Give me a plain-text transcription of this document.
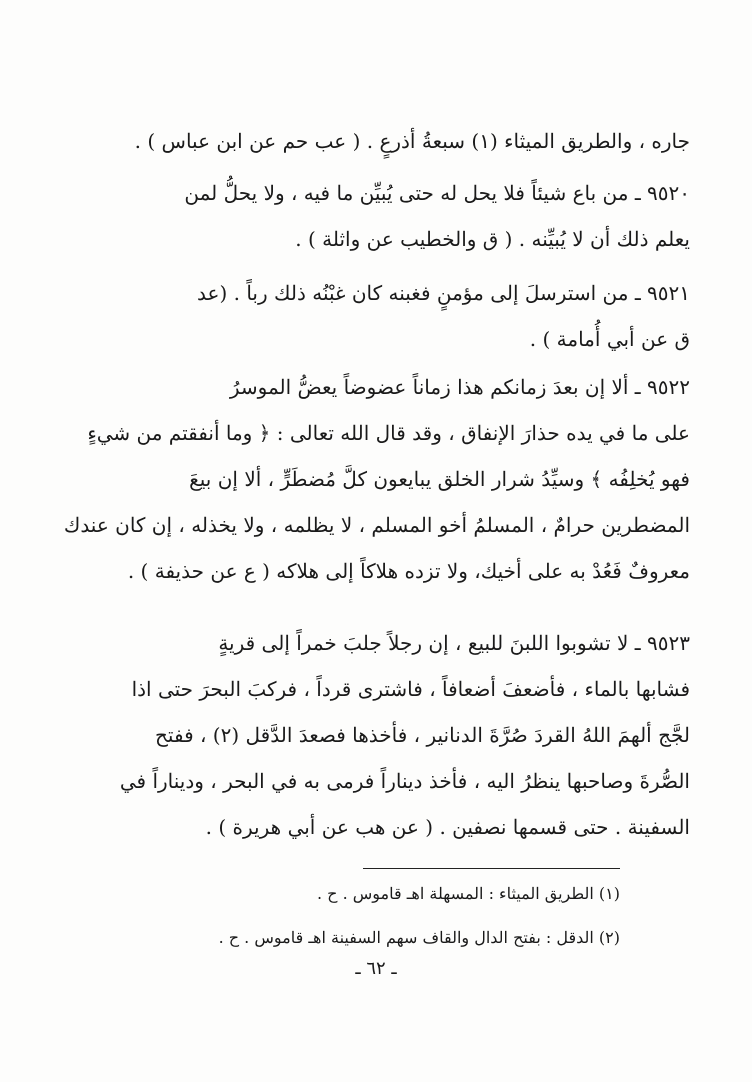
جاره ، والطريق الميثاء (١) سبعةُ أذرعٍ . ( عب حم عن ابن عباس ) .
٩٥٢٠ ـ من باع شيئاً فلا يحل له حتى يُبيِّن ما فيه ، ولا يحلُّ لمن
يعلم ذلك أن لا يُبيِّنه . ( ق والخطيب عن واثلة ) .
٩٥٢١ ـ من استرسلَ إلى مؤمنٍ فغبنه كان غبْنُه ذلك رباً . (عد
ق عن أبي أُمامة ) .
٩٥٢٢ ـ ألا إن بعدَ زمانكم هذا زماناً عضوضاً يعضُّ الموسرُ
على ما في يده حذارَ الإنفاق ، وقد قال الله تعالى : ﴿ وما أنفقتم من شيءٍ
فهو يُخلِفُه ﴾ وسيِّدُ شرار الخلق يبايعون كلَّ مُضطَرٍّ ، ألا إن بيعَ
المضطرين حرامٌ ، المسلمُ أخو المسلم ، لا يظلمه ، ولا يخذله ، إن كان عندك
معروفٌ فَعُدْ به على أخيك، ولا تزده هلاكاً إلى هلاكه ( ع عن حذيفة ) .
٩٥٢٣ ـ لا تشوبوا اللبنَ للبيع ، إن رجلاً جلبَ خمراً إلى قريةٍ
فشابها بالماء ، فأضعفَ أضعافاً ، فاشترى قرداً ، فركبَ البحرَ حتى اذا
لجَّج ألهمَ اللهُ القردَ صُرَّةَ الدنانير ، فأخذها فصعدَ الدَّقل (٢) ، ففتح
الصُّرةَ وصاحبها ينظرُ اليه ، فأخذ ديناراً فرمى به في البحر ، وديناراً في
السفينة . حتى قسمها نصفين . ( عن هب عن أبي هريرة ) .
(١) الطريق الميثاء : المسهلة اهـ قاموس . ح .
(٢) الدقل : بفتح الدال والقاف سهم السفينة اهـ قاموس . ح .
ـ ٦٢ ـ
